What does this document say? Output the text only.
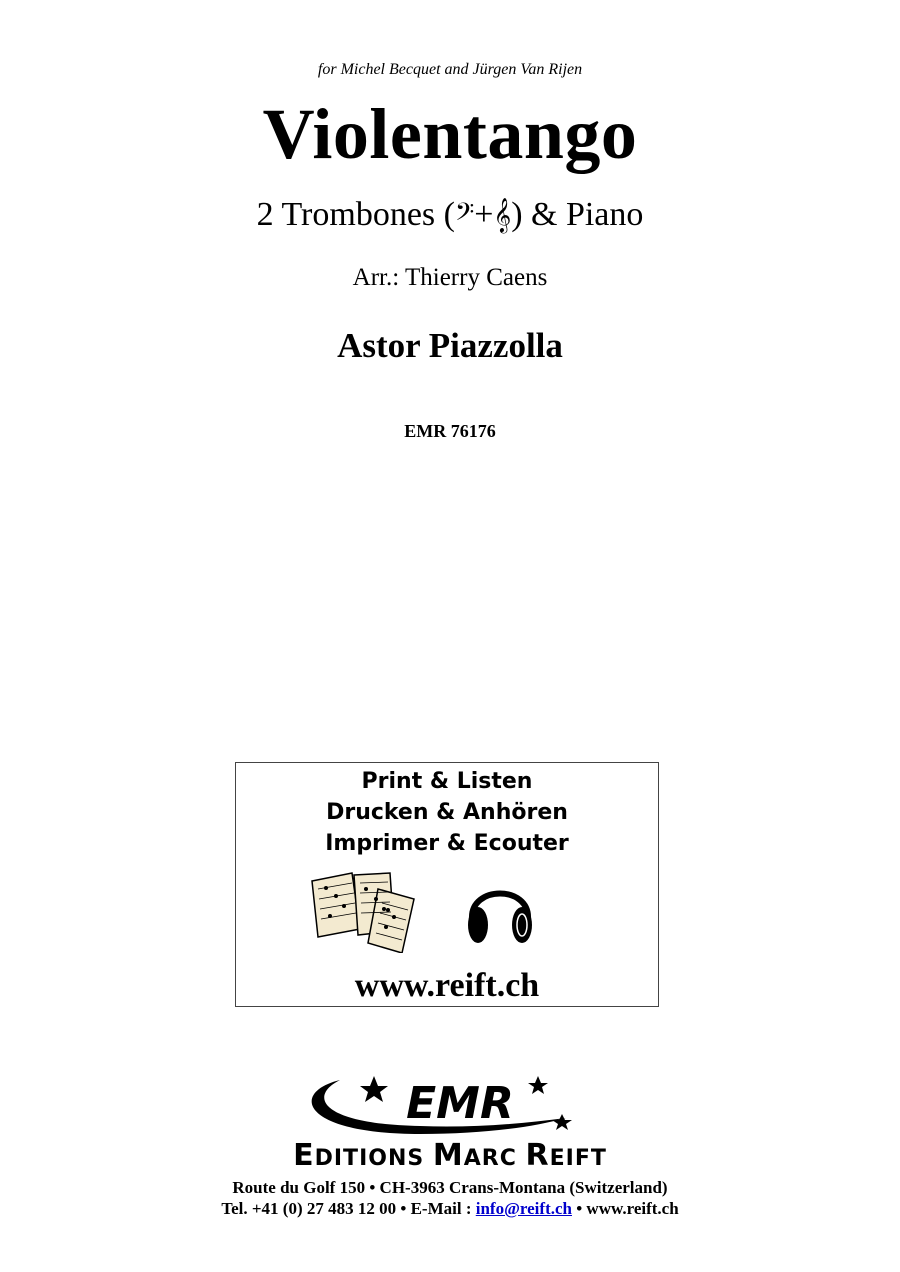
for Michel Becquet and Jürgen Van Rijen
Violentango
2 Trombones (𝄢+𝄞) & Piano
Arr.: Thierry Caens
Astor Piazzolla
EMR 76176
Print & Listen
Drucken & Anhören
Imprimer & Ecouter
www.reift.ch
EMR
EDITIONS MARC REIFT
Route du Golf 150 • CH-3963 Crans-Montana (Switzerland)
Tel. +41 (0) 27 483 12 00 • E-Mail : info@reift.ch • www.reift.ch
